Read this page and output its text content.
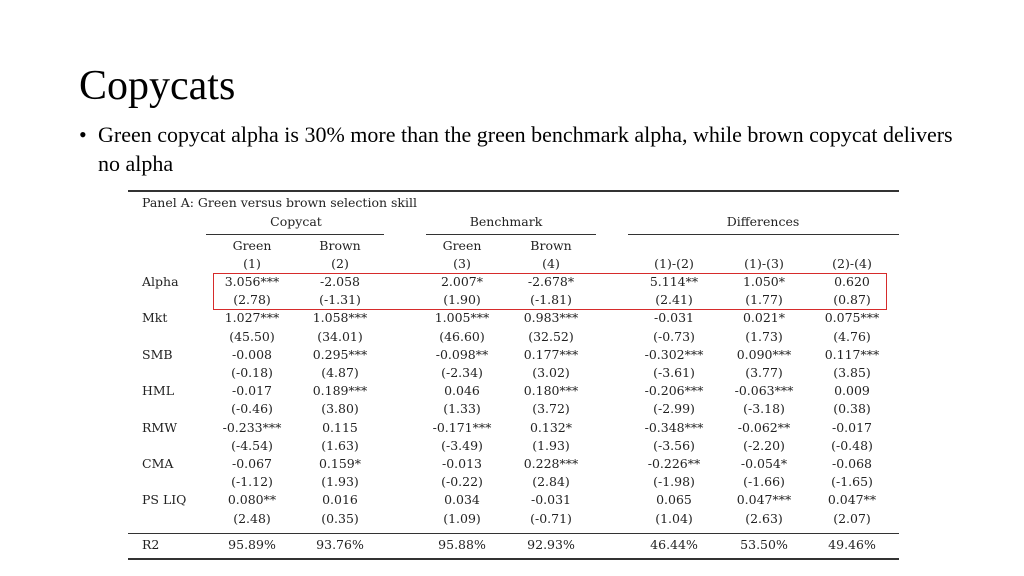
Copycats
• Green copycat alpha is 30% more than the green benchmark alpha, while brown copycat delivers no alpha
Panel A: Green versus brown selection skill
Copycat	Benchmark	Differences
Green	Brown	Green	Brown
(1)	(2)	(3)	(4)	(1)-(2)	(1)-(3)	(2)-(4)
Alpha	3.056***	-2.058	2.007*	-2.678*	5.114**	1.050*	0.620
(2.78)	(-1.31)	(1.90)	(-1.81)	(2.41)	(1.77)	(0.87)
Mkt	1.027***	1.058***	1.005***	0.983***	-0.031	0.021*	0.075***
(45.50)	(34.01)	(46.60)	(32.52)	(-0.73)	(1.73)	(4.76)
SMB	-0.008	0.295***	-0.098**	0.177***	-0.302***	0.090***	0.117***
(-0.18)	(4.87)	(-2.34)	(3.02)	(-3.61)	(3.77)	(3.85)
HML	-0.017	0.189***	0.046	0.180***	-0.206*** -0.063***	0.009
(-0.46)	(3.80)	(1.33)	(3.72)	(-2.99)	(-3.18)	(0.38)
RMW	-0.233***	0.115	-0.171***	0.132*	-0.348***	-0.062**	-0.017
(-4.54)	(1.63)	(-3.49)	(1.93)	(-3.56)	(-2.20)	(-0.48)
CMA	-0.067	0.159*	-0.013	0.228***	-0.226**	-0.054*	-0.068
(-1.12)	(1.93)	(-0.22)	(2.84)	(-1.98)	(-1.66)	(-1.65)
PS LIQ	0.080**	0.016	0.034	-0.031	0.065	0.047***	0.047**
(2.48)	(0.35)	(1.09)	(-0.71)	(1.04)	(2.63)	(2.07)
R2	95.89%	93.76%	95.88%	92.93%	46.44%	53.50%	49.46%
